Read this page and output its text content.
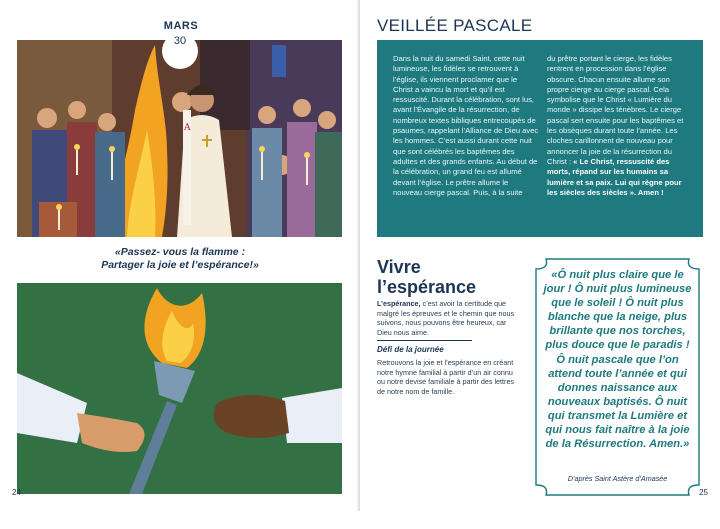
A
MARS
30
«Passez- vous la flamme :
Partager la joie et l’espérance!»
24
VEILLÉE PASCALE
Dans la nuit du samedi Saint, cette nuit lumineuse, les fidèles se retrouvent à l’église, ils viennent proclamer que le Christ a vaincu la mort et qu’il est ressuscité. Durant la célébration, sont lus, avant l’Évangile de la résurrection, de nombreux textes bibliques entrecoupés de psaumes, rappelant l’Alliance de Dieu avec les hommes. C’est aussi durant cette nuit que sont célébrés les baptêmes des adultes et des grands enfants. Au début de la célébration, un grand feu est allumé devant l’église. Le prêtre allume le nouveau cierge pascal. Puis, à la suite
du prêtre portant le cierge, les fidèles rentrent en procession dans l’église obscure. Chacun ensuite allume son propre cierge au cierge pascal. Cela symbolise que le Christ « Lumière du monde » dissipe les ténèbres. Le cierge pascal sert ensuite pour les baptêmes et les obsèques durant toute l’année. Les cloches carillonnent de nouveau pour annoncer la joie de la résurrection du Christ : « Le Christ, ressuscité des morts, répand sur les humains sa lumière et sa paix. Lui qui règne pour les siècles des siècles ». Amen !
Vivre l’espérance
L’espérance, c’est avoir la certitude que malgré les épreuves et le chemin que nous suivons, nous pouvons être heureux, car Dieu nous aime.
Défi de la journée
Retrouvons la joie et l’espérance en créant notre hymne familial à partir d’un air connu ou notre devise familiale à partir des lettres de notre nom de famille.
«Ô nuit plus claire que le jour ! Ô nuit plus lumineuse que le soleil ! Ô nuit plus blanche que la neige, plus brillante que nos torches, plus douce que le paradis ! Ô nuit pascale que l’on attend toute l’année et qui donnes naissance aux nouveaux baptisés. Ô nuit qui transmet la Lumière et qui nous fait naître à la joie de la Résurrection. Amen.»
D’après Saint Astère d’Amasée
25
